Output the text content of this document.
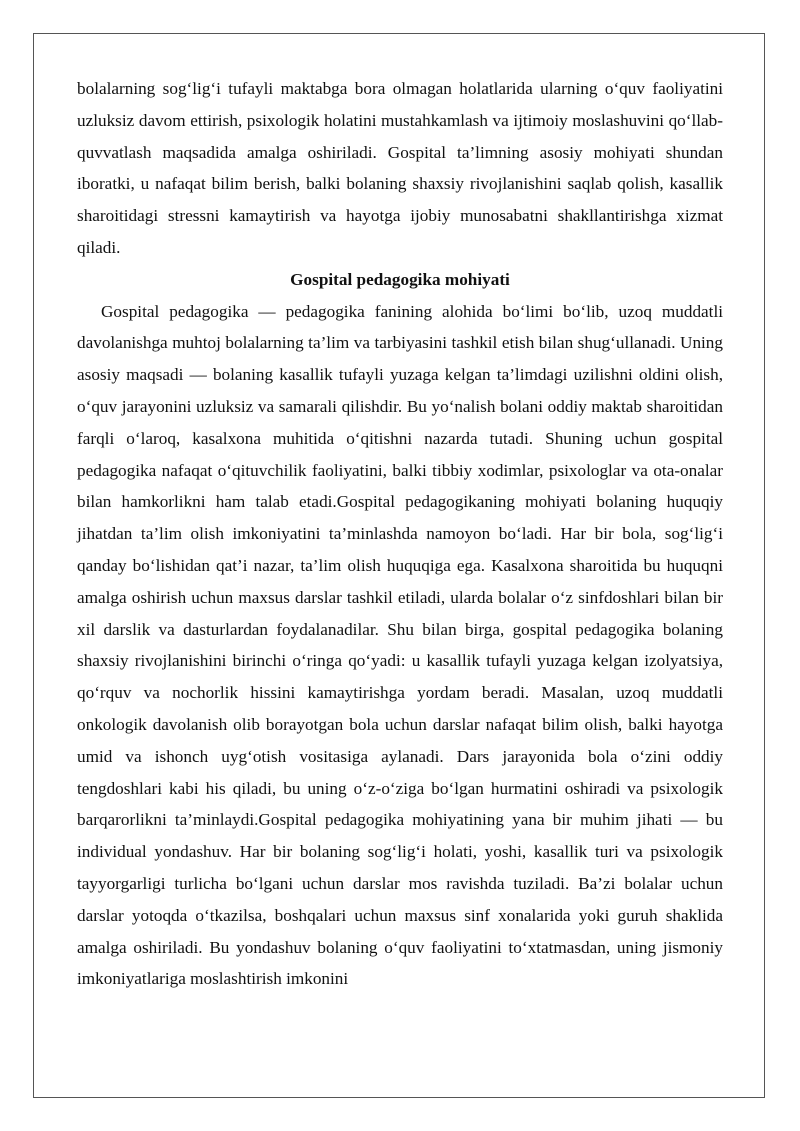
bolalarning sog‘lig‘i tufayli maktabga bora olmagan holatlarida ularning o‘quv faoliyatini uzluksiz davom ettirish, psixologik holatini mustahkamlash va ijtimoiy moslashuvini qo‘llab-quvvatlash maqsadida amalga oshiriladi. Gospital ta’limning asosiy mohiyati shundan iboratki, u nafaqat bilim berish, balki bolaning shaxsiy rivojlanishini saqlab qolish, kasallik sharoitidagi stressni kamaytirish va hayotga ijobiy munosabatni shakllantirishga xizmat qiladi.

Gospital pedagogika mohiyati

Gospital pedagogika — pedagogika fanining alohida bo‘limi bo‘lib, uzoq muddatli davolanishga muhtoj bolalarning ta’lim va tarbiyasini tashkil etish bilan shug‘ullanadi. Uning asosiy maqsadi — bolaning kasallik tufayli yuzaga kelgan ta’limdagi uzilishni oldini olish, o‘quv jarayonini uzluksiz va samarali qilishdir. Bu yo‘nalish bolani oddiy maktab sharoitidan farqli o‘laroq, kasalxona muhitida o‘qitishni nazarda tutadi. Shuning uchun gospital pedagogika nafaqat o‘qituvchilik faoliyatini, balki tibbiy xodimlar, psixologlar va ota-onalar bilan hamkorlikni ham talab etadi.Gospital pedagogikaning mohiyati bolaning huquqiy jihatdan ta’lim olish imkoniyatini ta’minlashda namoyon bo‘ladi. Har bir bola, sog‘lig‘i qanday bo‘lishidan qat’i nazar, ta’lim olish huquqiga ega. Kasalxona sharoitida bu huquqni amalga oshirish uchun maxsus darslar tashkil etiladi, ularda bolalar o‘z sinfdoshlari bilan bir xil darslik va dasturlardan foydalanadilar. Shu bilan birga, gospital pedagogika bolaning shaxsiy rivojlanishini birinchi o‘ringa qo‘yadi: u kasallik tufayli yuzaga kelgan izolyatsiya, qo‘rquv va nochorlik hissini kamaytirishga yordam beradi. Masalan, uzoq muddatli onkologik davolanish olib borayotgan bola uchun darslar nafaqat bilim olish, balki hayotga umid va ishonch uyg‘otish vositasiga aylanadi. Dars jarayonida bola o‘zini oddiy tengdoshlari kabi his qiladi, bu uning o‘z-o‘ziga bo‘lgan hurmatini oshiradi va psixologik barqarorlikni ta’minlaydi.Gospital pedagogika mohiyatining yana bir muhim jihati — bu individual yondashuv. Har bir bolaning sog‘lig‘i holati, yoshi, kasallik turi va psixologik tayyorgarligi turlicha bo‘lgani uchun darslar mos ravishda tuziladi. Ba’zi bolalar uchun darslar yotoqda o‘tkazilsa, boshqalari uchun maxsus sinf xonalarida yoki guruh shaklida amalga oshiriladi. Bu yondashuv bolaning o‘quv faoliyatini to‘xtatmasdan, uning jismoniy imkoniyatlariga moslashtirish imkonini
